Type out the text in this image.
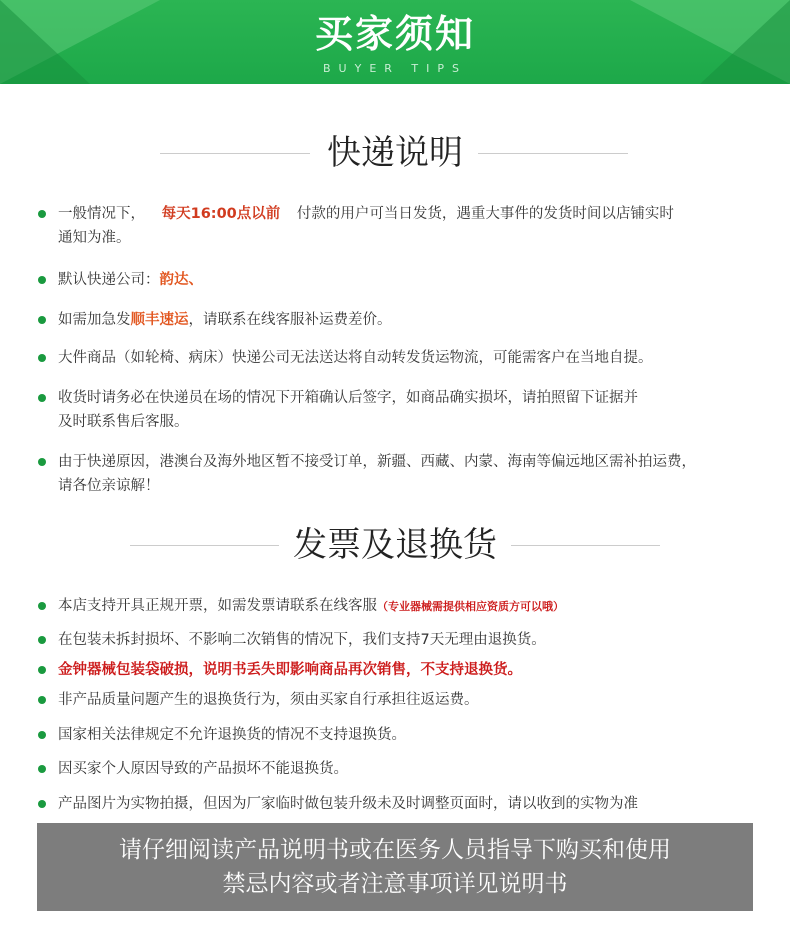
买家须知
BUYER TIPS
快递说明
一般情况下， 每天16:00点以前 付款的用户可当日发货，遇重大事件的发货时间以店铺实时
通知为准。
默认快递公司：韵达、
如需加急发顺丰速运，请联系在线客服补运费差价。
大件商品（如轮椅、病床）快递公司无法送达将自动转发货运物流，可能需客户在当地自提。
收货时请务必在快递员在场的情况下开箱确认后签字，如商品确实损坏，请拍照留下证据并
及时联系售后客服。
由于快递原因，港澳台及海外地区暂不接受订单，新疆、西藏、内蒙、海南等偏远地区需补拍运费，
请各位亲谅解！
发票及退换货
本店支持开具正规开票，如需发票请联系在线客服（专业器械需提供相应资质方可以哦）
在包装未拆封损坏、不影响二次销售的情况下，我们支持7天无理由退换货。
金钟器械包装袋破损，说明书丢失即影响商品再次销售，不支持退换货。
非产品质量问题产生的退换货行为，须由买家自行承担往返运费。
国家相关法律规定不允许退换货的情况不支持退换货。
因买家个人原因导致的产品损坏不能退换货。
产品图片为实物拍摄，但因为厂家临时做包装升级未及时调整页面时，请以收到的实物为准
请仔细阅读产品说明书或在医务人员指导下购买和使用
禁忌内容或者注意事项详见说明书
